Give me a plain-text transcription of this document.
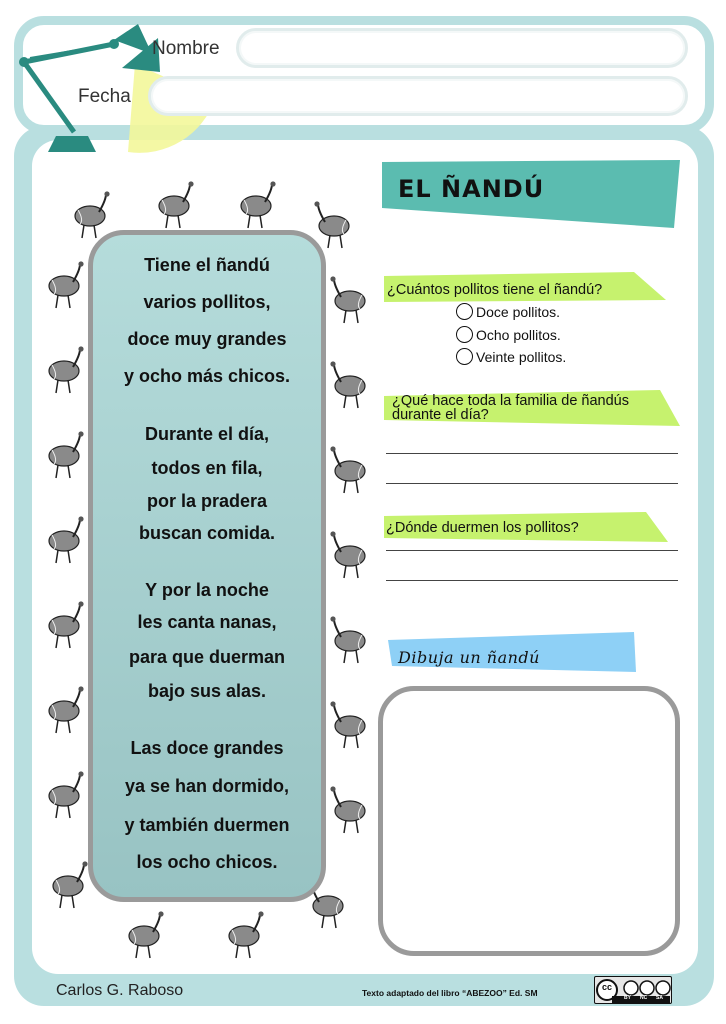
Nombre
Fecha
EL ÑANDÚ
Tiene el ñandú
varios pollitos,
doce muy grandes
y ocho más chicos.
Durante el día,
todos en fila,
por la pradera
buscan comida.
Y por la noche
les canta nanas,
para que duerman
bajo sus alas.
Las doce grandes
ya se han dormido,
y también duermen
los ocho chicos.
¿Cuántos pollitos tiene el ñandú?
Doce pollitos.
Ocho pollitos.
Veinte pollitos.
¿Qué hace toda la familia de ñandús
durante el día?
¿Dónde duermen los pollitos?
Dibuja un ñandú
Carlos G. Raboso	Texto adaptado del libro “ABEZOO” Ed. SM
cc
BY NC SA
